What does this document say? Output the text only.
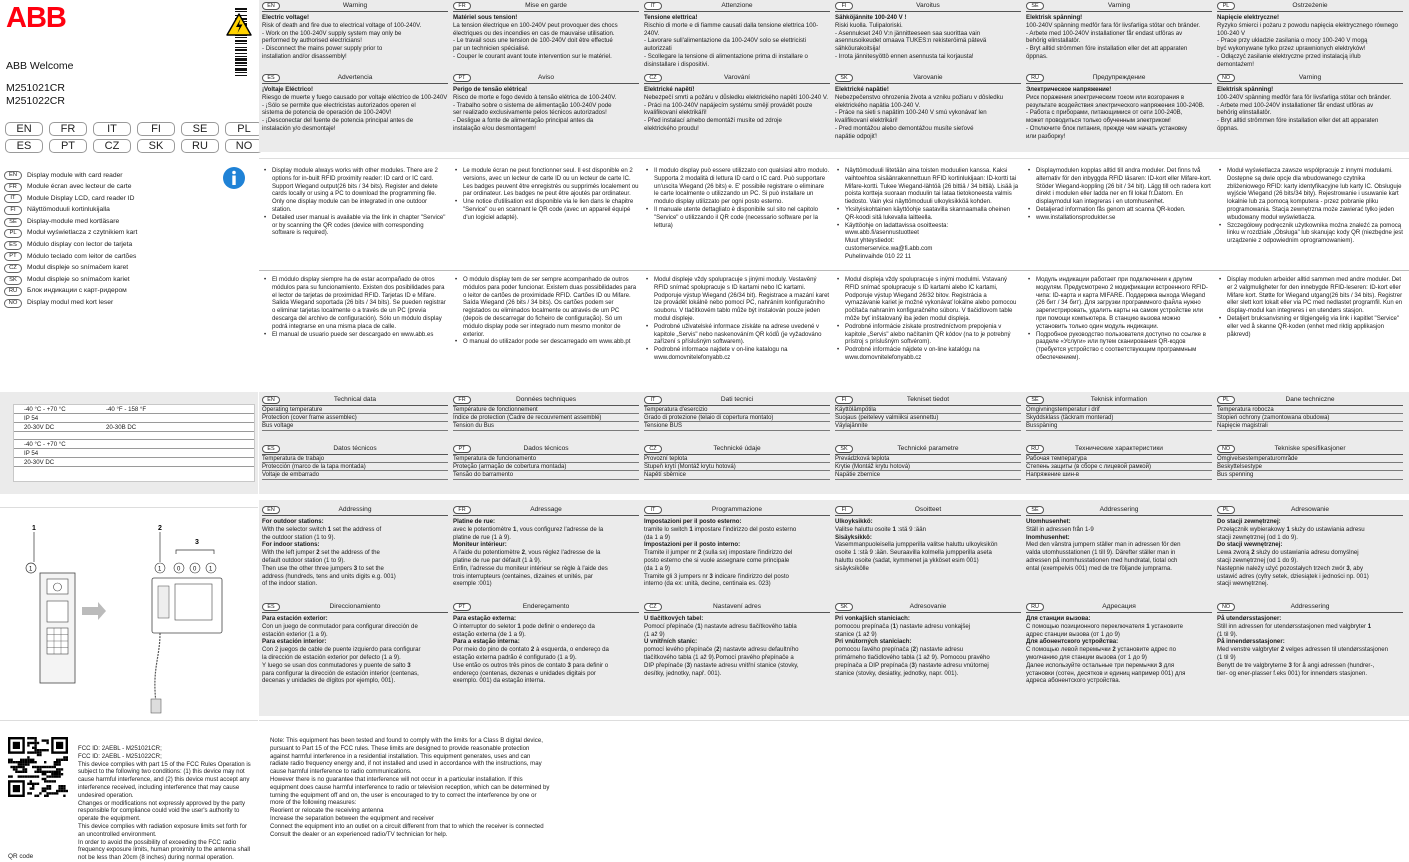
ABB
ABB Welcome
M251021CR
M251022CR
EN	FR	IT	FI	SE	PL
ES	PT	CZ	SK	RU	NO
EN	Display module with card reader
FR	Module écran avec lecteur de carte
IT	Module Display LCD, card reader ID
FI	Näyttömoduuli kortinlukijalla
SE	Display-module med kortläsare
PL	Moduł wyświetlacza z czytnikiem kart
ES	Módulo display con lector de tarjeta
PT	Módulo teclado com leitor de cartões
CZ	Modul displeje so snímačem karet
SK	Modul displeje so snímačom kariet
RU	Блок индикации с карт-ридером
NO	Display modul med kort leser
-40 °C - +70 °C	-40 °F - 158 °F
IP 54
20-30V DC	20-30B DC
-40 °C - +70 °C
IP 54
20-30V DC
1
1
2
3
1	0 0 1
QR code
FCC ID: 2AEBL - M251021CR;
FCC ID: 2AEBL - M251022CR;
This device complies with part 15 of the FCC Rules Operation is subject to the following two conditions: (1) this device may not cause harmful interference, and (2) this device must accept any interference received, including interference that may cause undesired operation.
Changes or modifications not expressly approved by the party responsible for compliance could void the user's authority to operate the equipment.
This device complies with radiation exposure limits set forth for an uncontrolled environment.
In order to avoid the possibility of exceeding the FCC radio frequency exposure limits, human proximity to the antenna shall not be less than 20cm (8 inches) during normal operation.
EN	Warning
Electric voltage!
Risk of death and fire due to electrical voltage of 100-240V.
- Work on the 100-240V supply system may only be
performed by authorised electricians!
- Disconnect the mains power supply prior to
installation and/or disassembly!
FR	Mise en garde
Matériel sous tension!
La tension électrique en 100-240V peut provoquer des chocs électriques ou des incendies en cas de mauvaise utilisation.
- Le travail sous une tension de 100-240V doit être effectué
par un technicien spécialisé.
- Couper le courant avant toute intervention sur le matériel.
IT	Attenzione
Tensione elettrica!
Rischio di morte e di fiamme causati dalla tensione elettrica 100-240V.
- Lavorare sull'alimentazione da 100-240V solo se elettricisti
autorizzati
- Scollegare la tensione di alimentazione prima di installare o
disinstallare i dispositivi.
FI	Varoitus
Sähköjännite 100-240 V !
Riski kuolla. Tulipaloriski.
- Asennukset 240 V:n jännitteeseen saa suorittaa vain
asennusoikeudet omaava TUKES:n rekisteröimä pätevä
sähköurakoitsija!
- Irrota jännitesyöttö ennen asennusta tai korjausta!
SE	Varning
Elektrisk spänning!
100-240V spänning medför fara för livsfarliga stötar och bränder.
- Arbete med 100-240V installationer får endast utföras av
behörig elinstallatör.
- Bryt alltid strömmen före installation eller det att apparaten
öppnas.
PL	Ostrzeżenie
Napięcie elektryczne!
Ryzyko śmierci i pożaru z powodu napięcia elektrycznego równego 100-240 V
- Prace przy układzie zasilania o mocy 100-240 V mogą
być wykonywane tylko przez uprawnionych elektryków!
- Odłączyć zasilanie elektryczne przed instalacją i/lub
demontażem!
ES	Advertencia
¡Voltaje Eléctrico!
Riesgo de muerte y fuego causado por voltaje eléctrico de 100-240V
- ¡Sólo se permite que electricistas autorizados operen el
sistema de potencia de operación de 100-240V!
- ¡Desconectar del fuente de potencia principal antes de
instalación y/o desmontaje!
PT	Aviso
Perigo de tensão elétrica!
Risco de morte e fogo devido à tensão elétrica de 100-240V.
- Trabalho sobre o sistema de alimentação 100-240V pode
ser realizado exclusivamente pelos técnicos autorizados!
- Desligue a fonte de alimentação principal antes da
instalação e/ou desmontagem!
CZ	Varování
Elektrické napětí!
Nebezpečí smrti a požáru v důsledku elektrického napětí 100-240 V.
- Práci na 100-240V napájecím systému smějí provádět pouze
kvalifikovaní elektrikáři!
- Před instalací a/nebo demontáží musíte od zdroje
elektrického proudu!
SK	Varovanie
Elektrické napätie!
Nebezpečenstvo ohrozenia života a vzniku požiaru v dôsledku elektrického napätia 100-240 V.
- Práce na sieti s napätím 100-240 V smú vykonávať len
kvalifikovaní elektrikári!
- Pred montážou alebo demontážou musíte sieťové
napätie odpojiť!
RU	Предупреждение
Электрическое напряжение!
Риск поражения электрическим током или возгорания в результате воздействия электрического напряжения 100-240В.
- Работа с приборами, питающимися от сети 100-240В,
может проводиться только обученным электриком!
- Отключите блок питания, прежде чем начать установку
или разборку!
NO	Varning
Elektrisk spänning!
100-240V spänning medför fara för livsfarliga stötar och bränder.
- Arbete med 100-240V installationer får endast utföras av
behörig elinstallatör.
- Bryt alltid strömmen före installation eller det att apparaten
öppnas.
• Display module always works with other modules. There are 2 options for in-built RFID proximity reader: ID card or IC card. Support Wiegand output(26 bits / 34 bits). Register and delete cards locally or using a PC to download the programming file. Only one display module can be integrated in one outdoor station.
• Detailed user manual is available via the link in chapter "Service" or by scanning the QR codes (device with corresponding software is required).
• Le module écran ne peut fonctionner seul. Il est disponible en 2 versions, avec un lecteur de carte ID ou un lecteur de carte IC. Les badges peuvent être enregistrés ou supprimés localement ou par ordinateur. Les badges ne peut être ajoutés par ordinateur.
• Une notice d'utilisation est disponible via le lien dans le chapitre "Service" ou en scannant le QR code (avec un appareil équipé d'un logiciel adapté).
• Il modulo display può essere utilizzato con qualsiasi altro modulo. Supporta 2 modalità di lettura ID card o IC card. Può supportare un'uscita Wiegand (26 bits) e. E' possibile registrare o eliminare le carte localmente o utilizzando un PC. Si può installare un modulo display utilizzato per ogni posto esterno.
• Il manuale utente dettagliato è disponibile sul sito nel capitolo "Service" o utilizzando il QR code (necessario software per la lettura)
• Näyttömoduuli liitetään aina toisten moduulien kanssa. Kaksi vaihtoehtoa sisäänrakennettuun RFID kortinlukijaan: ID-kortti tai Mifare-kortti. Tukee Wiegand-lähtöä (26 bittiä / 34 bittiä). Lisää ja poista kortteja suoraan moduulin tai lataa tietokoneesta valmis tiedosto. Vain yksi näyttömoduuli ulkoyksikköä kohden.
• Yksityiskohtainen käyttöohje saatavilla skannaamalla oheinen QR-koodi sitä lukevalla laitteella.
• Käyttöohje on ladattavissa osoitteesta: www.abb.fi/asennustuotteet
Muut yhteystiedot:
customerservice.wa@fi.abb.com
Puhelinvaihde 010 22 11
• Displaymodulen kopplas alltid till andra moduler. Det finns två alternativ för den inbyggda RFID läsaren: ID-kort eller Mifare-kort. Stöder Wiegand-koppling (26 bit / 34 bit). Lägg till och radera kort direkt i modulen eller ladda ner en fil lokal fr.Datorn. En displaymodul kan integreras i en utomhusenhet.
• Detaljerad information fås genom att scanna QR-koden.
• www.installationsprodukter.se
• Moduł wyświetlacza zawsze współpracuje z innymi modułami. Dostępne są dwie opcje dla wbudowanego czytnika zbliżeniowego RFID: karty identyfikacyjne lub karty IC. Obsługuje wyjście Wiegand (26 bits/34 bity). Rejestrowanie i usuwanie kart lokalnie lub za pomocą komputera - przez pobranie pliku programowania. Stacja zewnętrzna może zawierać tylko jeden wbudowany moduł wyświetlacza.
• Szczegółowy podręcznik użytkownika można znaleźć za pomocą linku w rozdziale „Obsługa" lub skanując kody QR (niezbędne jest urządzenie z odpowiednim oprogramowaniem).
• El módulo display siempre ha de estar acompañado de otros módulos para su funcionamiento. Existen dos posibilidades para el lector de tarjetas de proximidad RFID. Tarjetas ID e Mifare. Salida Wiegand soportada (26 bits / 34 bits). Se pueden registrar o eliminar tarjetas localmente o a través de un PC (previa descarga del archivo de configuración). Sólo un módulo display podrá integrarse en una misma placa de calle.
• El manual de usuario puede ser descargado en www.abb.es
• O módulo display tem de ser sempre acompanhado de outros módulos para poder funcionar. Existem duas possibilidades para o leitor de cartões de proximidade RFID. Cartões ID ou Mifare. Saída Wiegand (26 bits / 34 bits). Os cartões podem ser registados ou eliminados localmente ou através de um PC (depois de descarregar do ficheiro de configuração). Só um módulo display pode ser integrado num mesmo monitor de exterior.
• O manual do utilizador pode ser descarregado em www.abb.pt
• Modul displeje vždy spolupracuje s jinými moduly. Vestavěný RFID snímač spolupracuje s ID kartami nebo IC kartami. Podporuje výstup Wiegand (26/34 bit). Registrace a mazání karet lze provádět lokálně nebo pomocí PC, nahráním konfiguračního souboru. V tlačítkovém tablo může být instalován pouze jeden modul displeje.
• Podrobné uživatelské informace získáte na adrese uvedené v kapitole „Servis" nebo naskenováním QR kódů (je vyžadováno zařízení s příslušným softwarem).
• Podrobné informace najdete v on-line katalogu na www.domovnitelefonyabb.cz
• Modul displeja vždy spolupracuje s inými modulmi. Vstavaný RFID snímač spolupracuje s ID kartami alebo IC kartami, Podporuje výstup Wiegand 26/32 bitov. Registrácia a vymazávanie kariet je možné vykonávať lokálne alebo pomocou počítača nahraním konfiguračného súboru. V tlačidlovom table môže byť inštalovaný iba jeden modul displeja.
• Podrobné informácie získate prostredníctvom prepojenia v kapitole „Servis" alebo načítaním QR kódov (na to je potrebný prístroj s príslušným softvérom).
• Podrobné informácie nájdete v on-line katalógu na www.domovnitelefonyabb.cz
• Модуль индикации работает при подключении к другим модулям. Предусмотрено 2 модификации встроенного RFID-чипа: ID-карта и карта MIFARE. Поддержка выхода Wiegand (26 бит / 34 бит). Для загрузки программного файла нужно зарегистрировать, удалить карты на самом устройстве или при помощи компьютера. В станцию вызова можно установить только один модуль индикации.
• Подробное руководство пользователя доступно по ссылке в разделе «Услуги» или путем сканирования QR-кодов (требуется устройство с соответствующим программным обеспечением).
• Display modulen arbeider alltid sammen med andre moduler. Det er 2 valgmuligheter for den innebygde RFID-leseren: ID-kort eller Mifare kort. Støtte for Wiegand utgang(26 bits / 34 bits). Registrer eller slett kort lokalt eller via PC med nedlastet programfil. Kun en display-modul kan integreres i en utendørs stasjon.
• Detaljert bruksanvisning er tilgjengelig via link i kapitlet "Service" eller ved å skanne QR-koden (enhet med riktig applikasjon påkrevd)
EN	Technical data
Operating temperature
Protection (cover frame assemblec)
Bus voltage
FR	Données techniques
Température de fonctionnement
Indice de protection (Cadre de recouvrement assemblé)
Tension du Bus
IT	Dati tecnici
Temperatura d'esercizio
Grado di protezione (telaio di copertura montato)
Tensione BUS
FI	Tekniset tiedot
Käyttölämpötila
Suojaus (peitelevy valmiiksi asennettu)
Väylajännite
SE	Teknisk information
Omgivningstemperatur i drif
Skyddsklass (täckram monterad)
Busspäning
PL	Dane techniczne
Temperatura robocza
Stopień ochrony (zamontowana obudowa)
Napięcie magistrali
ES	Datos técnicos
Temperatura de trabajo
Protección (marco de la tapa montada)
Voltaje de embarrado
PT	Dados técnicos
Temperatura de funcionamento
Proteção (armação de cobertura montada)
Tensão do barramento
CZ	Technické údaje
Provozní teplota
Stupeň krytí (Montáž krytu hotová)
Napětí sběrnice
SK	Technické parametre
Prevádzková teplota
Krytie (Montáž krytu hotová)
Napätie zbernice
RU	Технические характеристики
Рабочая температура
Степень защиты (в сборе с лицевой рамкой)
Напряжение шин-в
NO	Tekniske spesifikasjoner
Omgivelsestemperaturområde
Beskyttelsestype
Bus spenning
EN	Addressing
For outdoor stations:
With the selector switch 1 set the address of
the outdoor station (1 to 9).
For indoor stations:
With the left jumper 2 set the address of the
default outdoor station (1 to 9).
Then use the other three jumpers 3 to set the
address (hundreds, tens and units digits e.g. 001)
of the indoor station.
FR	Adressage
Platine de rue:
avec le potentiomètre 1, vous configurez l'adresse de la
platine de rue (1 à 9).
Moniteur intérieur:
A l'aide du potentiomètre 2, vous réglez l'adresse de la
platine de rue par défault (1 à 9).
Enfin, l'adresse du moniteur intérieur se règle à l'aide des
trois interrupteurs (centaines, dizaines et unités, par
exemple :001)
IT	Programmazione
Impostazioni per il posto esterno:
tramite lo switch 1 impostare l'indirizzo del posto esterno
(da 1 a 9)
Impostazioni per il posto interno:
Tramite il jumper nr 2 (sulla sx) impostare l'indirizzo del
posto esterno che si vuole assegnare come principale
(da 1 a 9)
Tramite gli 3 jumpers nr 3 indicare l'indirizzo del posto
interno (da ex: unità, decine, centinaia es. 023)
FI	Osoitteet
Ulkoyksikkö:
Valitse haluttu osoite 1 :stä 9 :ään
Sisäyksikkö:
Vasemmanpuoleisella jumpperilla valitse haluttu ulkoyksikön
osoite 1 :stä 9 :ään. Seuraavilla kolmella jumpperilla aseta
haluttu osoite (sadat, kymmenet ja ykköset esim 001)
sisäyksikölle
SE	Addressering
Utomhusenhet:
Ställ in adressen från 1-9
Inomhusenhet:
Med den vänstra jumpern ställer man in adressen för den
valda utomhusstationen (1 till 9). Därefter ställer man in
adressen på inomhusstationen med hundratal, tiotal och
ental (exempelvis 001) med de tre följande jumprarna.
PL	Adresowanie
Do stacji zewnętrznej:
Przełącznik wybierakowy 1 służy do ustawiania adresu
stacji zewnętrznej (od 1 do 9).
Do stacji wewnętrznej:
Lewa zworą 2 służy do ustawiania adresu domyślnej
stacji zewnętrznej (od 1 do 9).
Następnie należy użyć pozostałych trzech zwór 3, aby
ustawić adres (cyfry setek, dziesiątek i jedności np. 001)
stacji wewnętrznej.
ES	Direccionamiento
Para estación exterior:
Con un juego de conmutador para configurar dirección de
estación exterior (1 a 9).
Para estación interior:
Con 2 juegos de cable de puente izquierdo para configurar
la dirección de estación exterior por defecto (1 a 9).
Y luego se usan dos conmutadores y puente de salto 3
para configurar la dirección de estación interior (centenas,
decenas y unidades de dígitos por ejemplo, 001).
PT	Endereçamento
Para estação externa:
O interruptor do seletor 1 pode definir o endereço da
estação externa (de 1 a 9).
Para a estação interna:
Por meio do pino de contato 2 à esquerda, o endereço da
estação externa padrão é configurado (1 a 9).
Use então os outros três pinos de contato 3 para definir o
endereço (centenas, dezenas e unidades digitais por
exemplo. 001) da estação interna.
CZ	Nastavení adres
U tlačítkových tabel:
Pomocí přepínače (1) nastavte adresu tlačítkového tabla
(1 až 9)
U vnitřních stanic:
pomocí levého přepínače (2) nastavte adresu defaultního
tlačítkového tabla (1 až 9).Pomocí pravého přepínače a
DIP přepínače (3) nastavte adresu vnitřní stanice (stovky,
desítky, jednotky, např. 001).
SK	Adresovanie
Pri vonkajších staniciach:
pomocou prepínača (1) nastavte adresu vonkajšej
stanice (1 až 9)
Pri vnútorných staniciach:
pomocou ľavého prepínača (2) nastavte adresu
primárneho tlačidlového tabla (1 až 9). Pomocou pravého
prepínača a DIP prepínača (3) nastavte adresu vnútornej
stanice (stovky, desiatky, jednotky, napr. 001).
RU	Адресация
Для станции вызова:
С помощью позиционного переключателя 1 установите
адрес станции вызова (от 1 до 9)
Для абонентского устройства:
С помощью левой перемычки 2 установите адрес по
умолчанию для станции вызова (от 1 до 9)
Далее используйте остальные три перемычки 3 для
установки (сотен, десятков и единиц например 001) для
адреса абонентского устройства.
NO	Addressering
På utendørsstasjoner:
Still inn adressen for utendørsstasjonen med valgbryter 1
(1 til 9).
På innendørsstasjoner:
Med venstre valgbryter 2 velges adressen til utendørsstasjonen
(1 til 9)
Benytt de tre valgbryterne 3 for å angi adressen (hundrer-,
tier- og ener-plasser f.eks 001) for innendørs stasjonen.
Note: This equipment has been tested and found to comply with the limits for a Class B digital device, pursuant to Part 15 of the FCC rules. These limits are designed to provide reasonable protection against harmful interference in a residential installation. This equipment generates, uses and can radiate radio frequency energy and, if not installed and used in accordance with the instructions, may cause harmful interference to radio communications.
However there is no guarantee that interference will not occur in a particular installation. If this equipment does cause harmful interference to radio or television reception, which can be determined by turning the equipment off and on, the user is encouraged to try to correct the interference by one or more of the following measures:
Reorient or relocate the receiving antenna
Increase the separation between the equipment and receiver
Connect the equipment into an outlet on a circuit different from that to which the receiver is connected
Consult the dealer or an experienced radio/TV technician for help.
